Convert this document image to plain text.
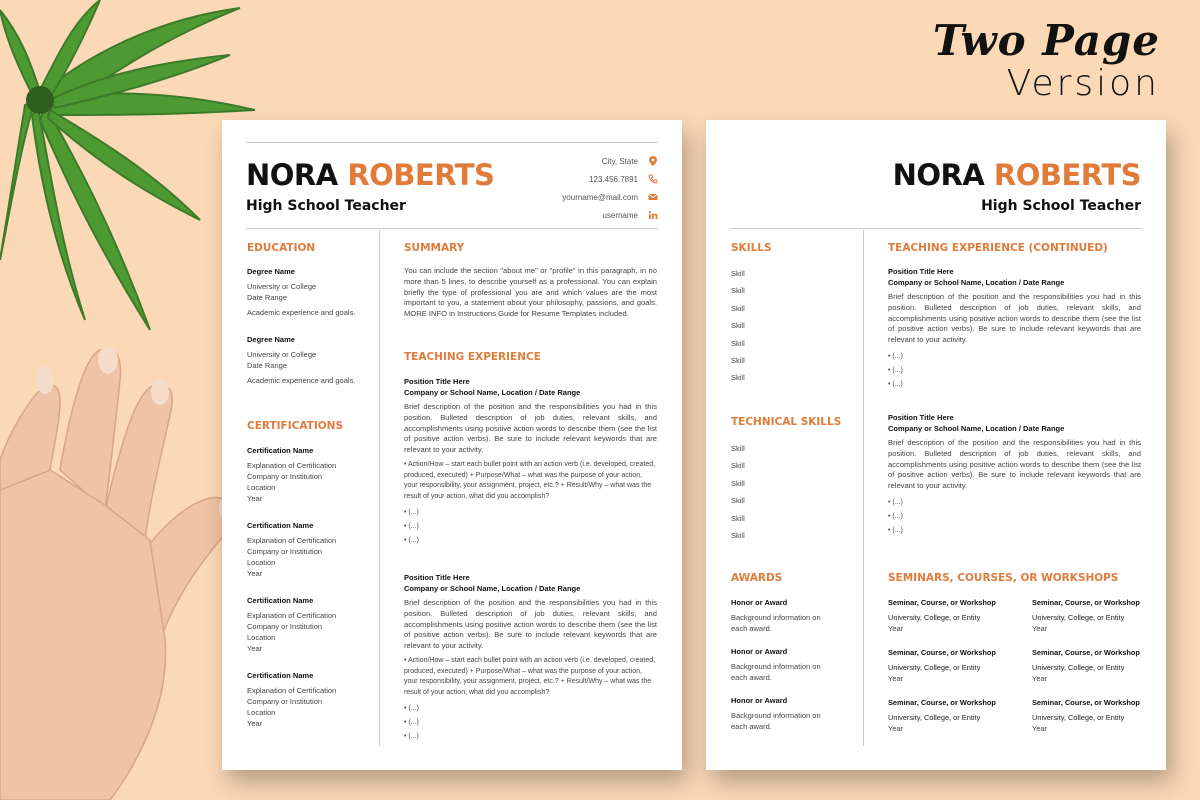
Two Page
Version
NORA ROBERTS
High School Teacher
City, State
123.456.7891
yourname@mail.com
username
EDUCATION
Degree Name
University or College
Date Range
Academic experience and goals.
Degree Name
University or College
Date Range
Academic experience and goals.
CERTIFICATIONS
Certification Name
Explanation of Certification
Company or Institution
Location
Year
Certification Name
Explanation of Certification
Company or Institution
Location
Year
Certification Name
Explanation of Certification
Company or Institution
Location
Year
Certification Name
Explanation of Certification
Company or Institution
Location
Year
SUMMARY
You can include the section "about me" or "profile" in this paragraph, in no more than 5 lines, to describe yourself as a professional. You can explain briefly the type of professional you are and which values are the most important to you, a statement about your philosophy, passions, and goals. MORE INFO in Instructions Guide for Resume Templates included.
TEACHING EXPERIENCE
Position Title Here
Company or School Name, Location / Date Range
Brief description of the position and the responsibilities you had in this position. Bulleted description of job duties, relevant skills, and accomplishments using positive action words to describe them (see the list of positive action verbs). Be sure to include relevant keywords that are relevant to your activity.
• Action/How – start each bullet point with an action verb (i.e. developed, created, produced, executed) + Purpose/What – what was the purpose of your action, your responsibility, your assignment, project, etc.? + Result/Why – what was the result of your action, what did you accomplish?
• (...)
• (...)
• (...)
Position Title Here
Company or School Name, Location / Date Range
Brief description of the position and the responsibilities you had in this position. Bulleted description of job duties, relevant skills, and accomplishments using positive action words to describe them (see the list of positive action verbs). Be sure to include relevant keywords that are relevant to your activity.
• Action/How – start each bullet point with an action verb (i.e. developed, created, produced, executed) + Purpose/What – what was the purpose of your action, your responsibility, your assignment, project, etc.? + Result/Why – what was the result of your action, what did you accomplish?
• (...)
• (...)
• (...)
NORA ROBERTS
High School Teacher
SKILLS
Skill
Skill
Skill
Skill
Skill
Skill
Skill
TECHNICAL SKILLS
Skill
Skill
Skill
Skill
Skill
Skill
AWARDS
Honor or Award
Background information on
each award.
Honor or Award
Background information on
each award.
Honor or Award
Background information on
each award.
TEACHING EXPERIENCE (CONTINUED)
Position Title Here
Company or School Name, Location / Date Range
Brief description of the position and the responsibilities you had in this position. Bulleted description of job duties, relevant skills, and accomplishments using positive action words to describe them (see the list of positive action verbs). Be sure to include relevant keywords that are relevant to your activity.
• (...)
• (...)
• (...)
Position Title Here
Company or School Name, Location / Date Range
Brief description of the position and the responsibilities you had in this position. Bulleted description of job duties, relevant skills, and accomplishments using positive action words to describe them (see the list of positive action verbs). Be sure to include relevant keywords that are relevant to your activity.
• (...)
• (...)
• (...)
SEMINARS, COURSES, OR WORKSHOPS
Seminar, Course, or Workshop
University, College, or Entity
Year
Seminar, Course, or Workshop
University, College, or Entity
Year
Seminar, Course, or Workshop
University, College, or Entity
Year
Seminar, Course, or Workshop
University, College, or Entity
Year
Seminar, Course, or Workshop
University, College, or Entity
Year
Seminar, Course, or Workshop
University, College, or Entity
Year
